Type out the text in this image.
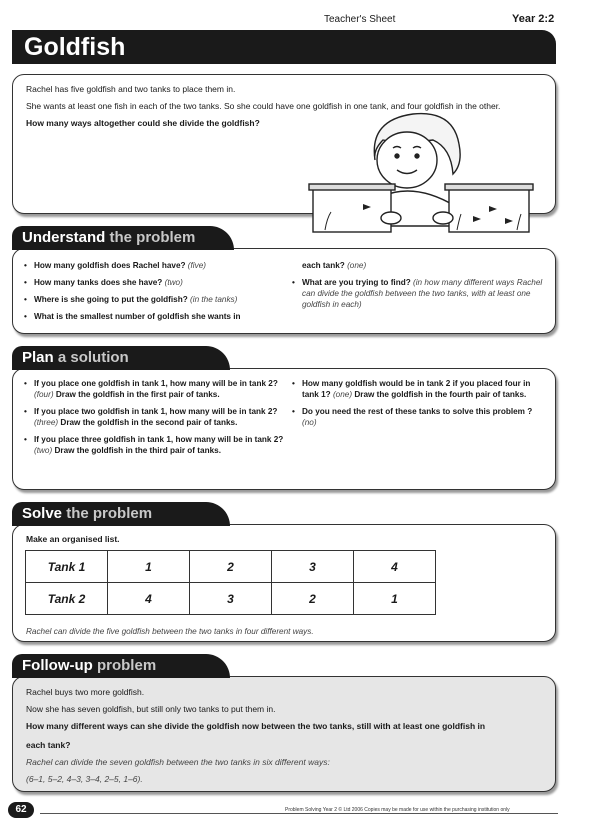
Teacher's Sheet	Year 2:2
Goldfish
Rachel has five goldfish and two tanks to place them in.
She wants at least one fish in each of the two tanks. So she could have one goldfish in one tank, and four goldfish in the other.
How many ways altogether could she divide the goldfish?
Understand the problem
• How many goldfish does Rachel have? (five)
• How many tanks does she have? (two)
• Where is she going to put the goldfish? (in the tanks)
• What is the smallest number of goldfish she wants in
each tank? (one)
• What are you trying to find? (in how many different ways Rachel can divide the goldfish between the two tanks, with at least one goldfish in each)
Plan a solution
• If you place one goldfish in tank 1, how many will be in tank 2? (four) Draw the goldfish in the first pair of tanks.
• If you place two goldfish in tank 1, how many will be in tank 2? (three) Draw the goldfish in the second pair of tanks.
• If you place three goldfish in tank 1, how many will be in tank 2? (two) Draw the goldfish in the third pair of tanks.
• How many goldfish would be in tank 2 if you placed four in tank 1? (one) Draw the goldfish in the fourth pair of tanks.
• Do you need the rest of these tanks to solve this problem ?(no)
Solve the problem
Make an organised list.
Tank 1	1	2	3	4
Tank 2	4	3	2	1
Rachel can divide the five goldfish between the two tanks in four different ways.
Follow-up problem
Rachel buys two more goldfish.
Now she has seven goldfish, but still only two tanks to put them in.
How many different ways can she divide the goldfish now between the two tanks, still with at least one goldfish in
each tank?
Rachel can divide the seven goldfish between the two tanks in six different ways:
(6–1, 5–2, 4–3, 3–4, 2–5, 1–6).
62	Problem Solving Year 2 © Ltd 2006 Copies may be made for use within the purchasing institution only
